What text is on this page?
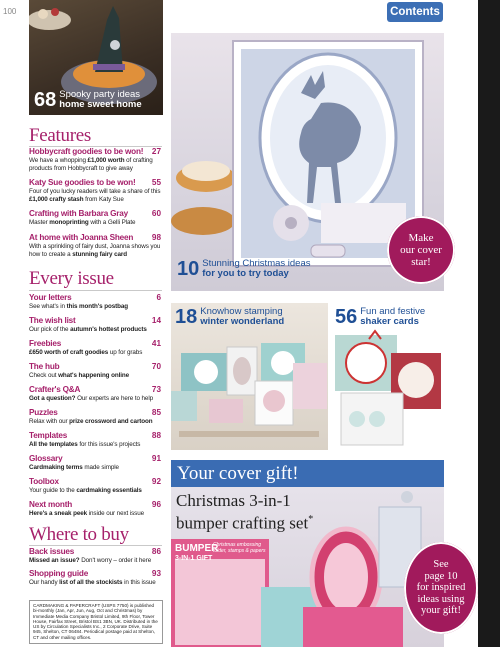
100
68 Spooky party ideas
home sweet home
Contents
Features
Hobbycraft goodies to be won! 27
We have a whopping £1,000 worth of crafting products from Hobbycraft to give away
Katy Sue goodies to be won! 55
Four of you lucky readers will take a share of this £1,000 crafty stash from Katy Sue
Crafting with Barbara Gray	60
Master monoprinting with a Gelli Plate
At home with Joanna Sheen 98
With a sprinkling of fairy dust, Joanna shows you how to create a stunning fairy card
Every issue
Your letters	6
See what's in this month's postbag
The wish list	14
Our pick of the autumn's hottest products
Freebies	41
£650 worth of craft goodies up for grabs
The hub	70
Check out what's happening online
Crafter's Q&A	73
Got a question? Our experts are here to help
Puzzles	85
Relax with our prize crossword and cartoon
Templates	88
All the templates for this issue's projects
Glossary	91
Cardmaking terms made simple
Toolbox	92
Your guide to the cardmaking essentials
Next month	96
Here's a sneak peek inside our next issue
Where to buy
Back issues	86
Missed an issue? Don't worry – order it here
Shopping guide	93
Our handy list of all the stockists in this issue
CARDMAKING & PAPERCRAFT (USPS 7750) is published bi-monthly (Jan, Apr, Jun, Aug, Oct and Christmas) by Immediate Media Company Bristol Limited, 9th Floor, Tower House, Fairfax Street, Bristol BS1 3BN, UK. Distributed in the US by Circulation Specialists Inc., 2 Corporate Drive, Suite 945, Shelton, CT 06484. Periodical postage paid at Shelton, CT and other mailing offices.
10 Stunning Christmas ideas
for you to try today
Make
our cover
star!
18 Knowhow stamping
winter wonderland	56 Fun and festive
shaker cards
Your cover gift!
Christmas 3-in-1
bumper crafting set*
BUMPER
Christmas embossing folder, stamps & papers
3-IN-1 GIFT
See
page 10
for inspired
ideas using
your gift!
